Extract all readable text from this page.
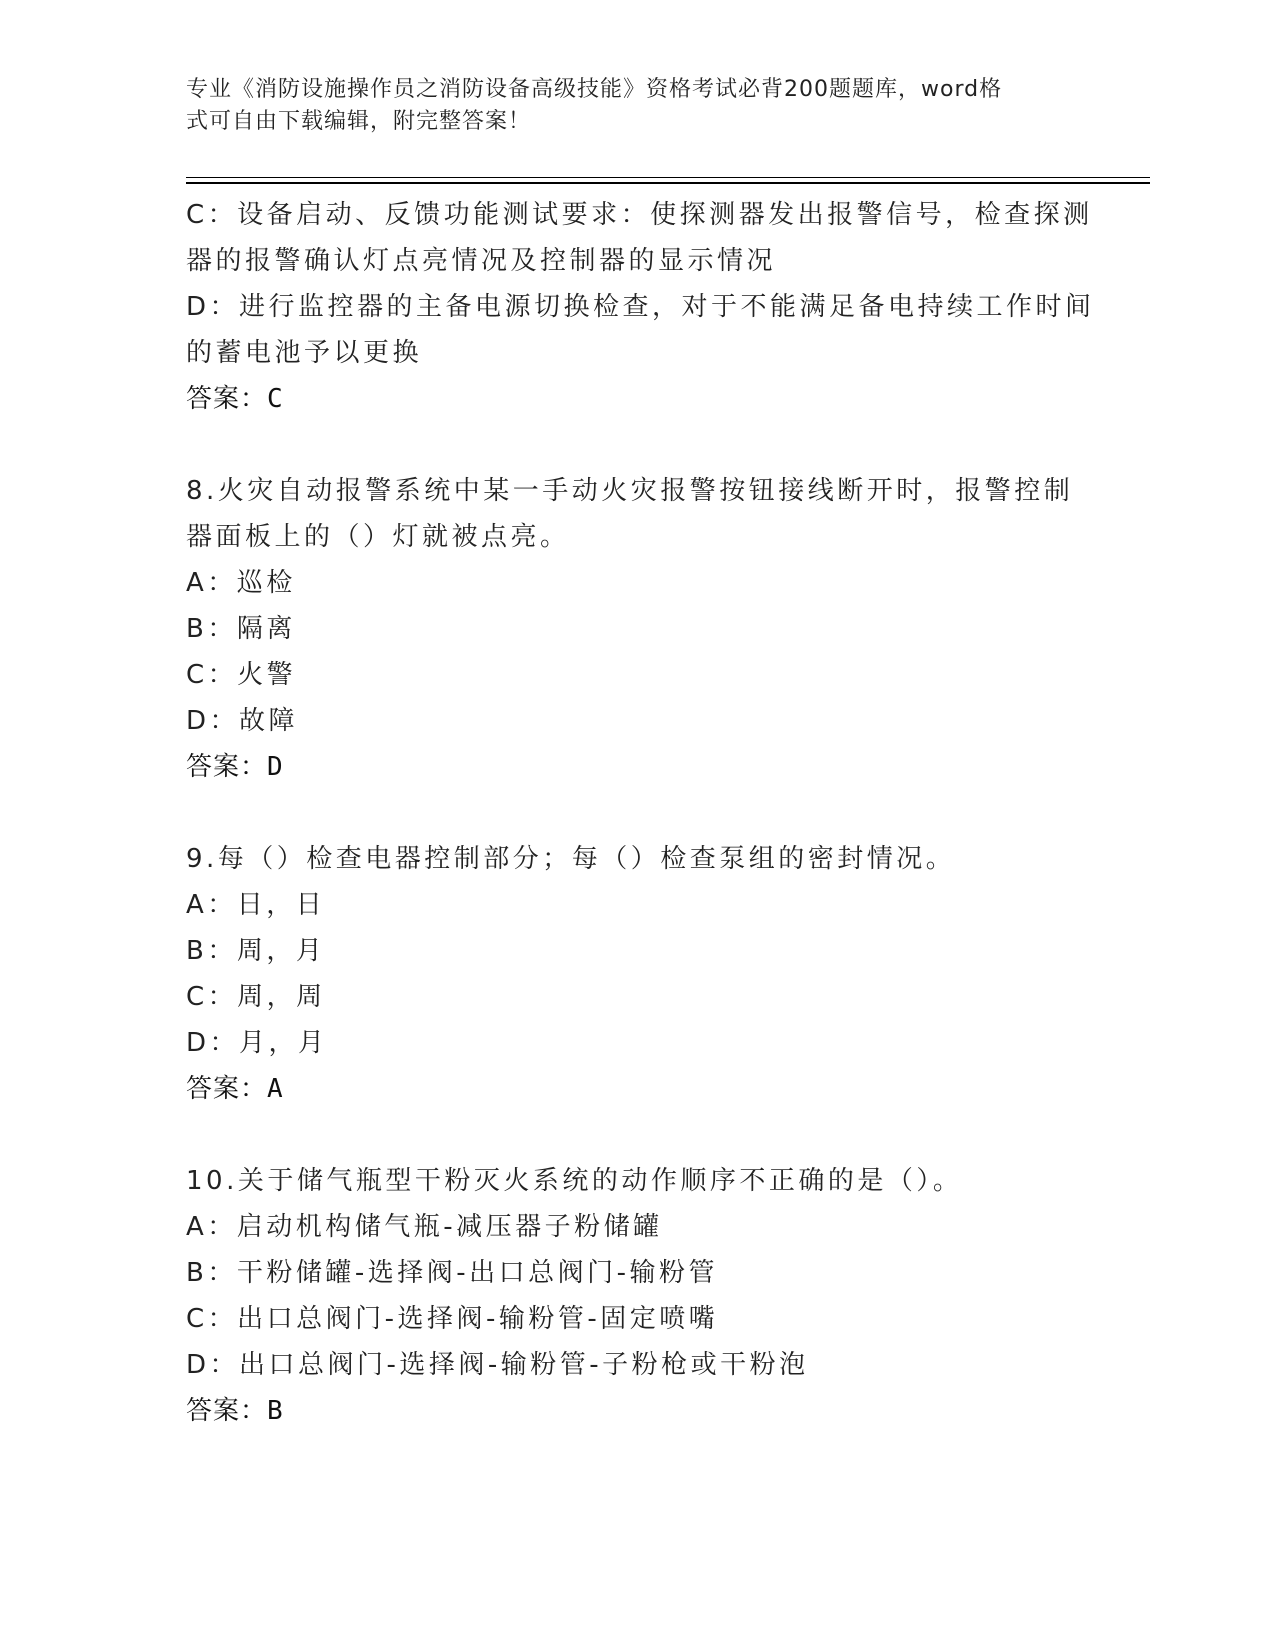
专业《消防设施操作员之消防设备高级技能》资格考试必背200题题库，word格
式可自由下载编辑，附完整答案！
C：设备启动、反馈功能测试要求：使探测器发出报警信号，检查探测
器的报警确认灯点亮情况及控制器的显示情况
D：进行监控器的主备电源切换检查，对于不能满足备电持续工作时间
的蓄电池予以更换
答案：C
8.火灾自动报警系统中某一手动火灾报警按钮接线断开时，报警控制
器面板上的（）灯就被点亮。
A：巡检
B：隔离
C：火警
D：故障
答案：D
9.每（）检查电器控制部分；每（）检查泵组的密封情况。
A：日，日
B：周，月
C：周，周
D：月，月
答案：A
10.关于储气瓶型干粉灭火系统的动作顺序不正确的是（）。
A：启动机构储气瓶-减压器子粉储罐
B：干粉储罐-选择阀-出口总阀门-输粉管
C：出口总阀门-选择阀-输粉管-固定喷嘴
D：出口总阀门-选择阀-输粉管-子粉枪或干粉泡
答案：B
